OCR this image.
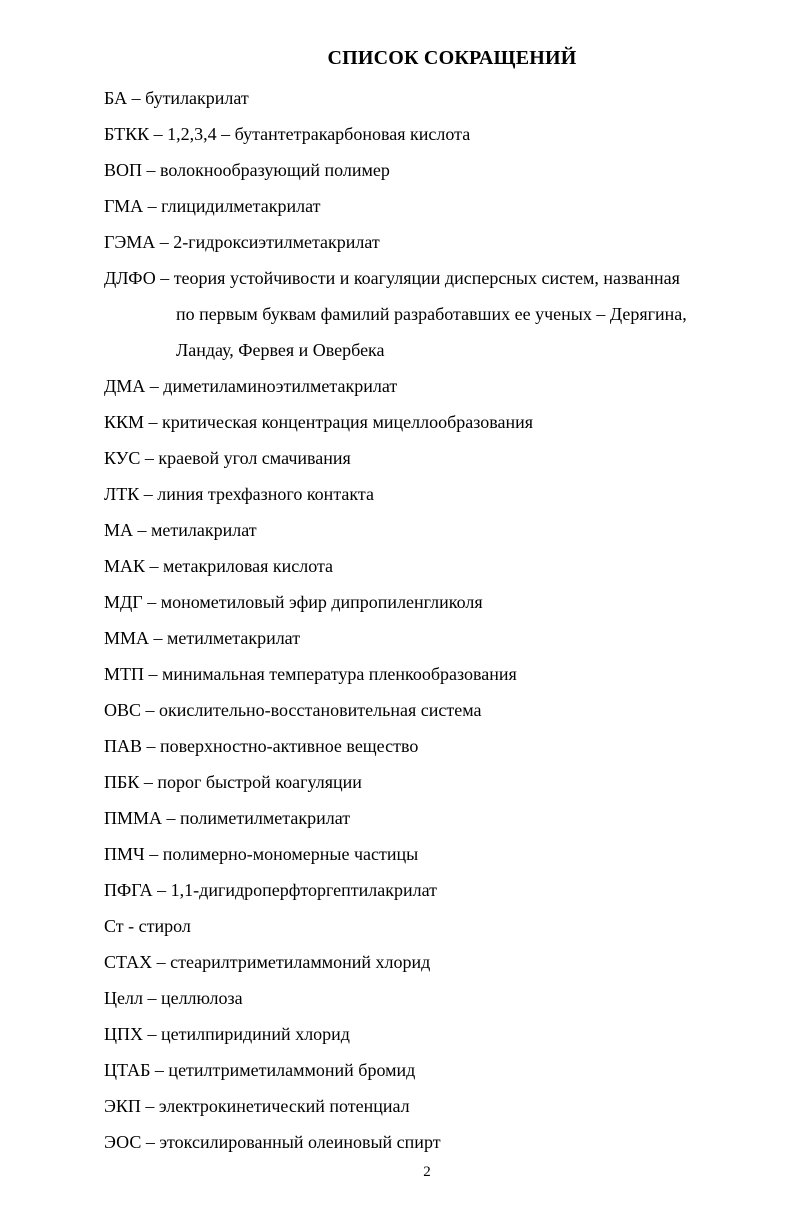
СПИСОК СОКРАЩЕНИЙ
БА – бутилакрилат
БТКК – 1,2,3,4 – бутантетракарбоновая кислота
ВОП – волокнообразующий полимер
ГМА – глицидилметакрилат
ГЭМА – 2-гидроксиэтилметакрилат
ДЛФО – теория устойчивости и коагуляции дисперсных систем, названная
по первым буквам фамилий разработавших ее ученых – Дерягина,
Ландау, Фервея и Овербека
ДМА – диметиламиноэтилметакрилат
ККМ – критическая концентрация мицеллообразования
КУС – краевой угол смачивания
ЛТК – линия трехфазного контакта
МА – метилакрилат
МАК – метакриловая кислота
МДГ – монометиловый эфир дипропиленгликоля
ММА – метилметакрилат
МТП – минимальная температура пленкообразования
ОВС – окислительно-восстановительная система
ПАВ – поверхностно-активное вещество
ПБК – порог быстрой коагуляции
ПММА – полиметилметакрилат
ПМЧ – полимерно-мономерные частицы
ПФГА – 1,1-дигидроперфторгептилакрилат
Ст - стирол
СТАХ – стеарилтриметиламмоний хлорид
Целл – целлюлоза
ЦПХ – цетилпиридиний хлорид
ЦТАБ – цетилтриметиламмоний бромид
ЭКП – электрокинетический потенциал
ЭОС – этоксилированный олеиновый спирт
2
